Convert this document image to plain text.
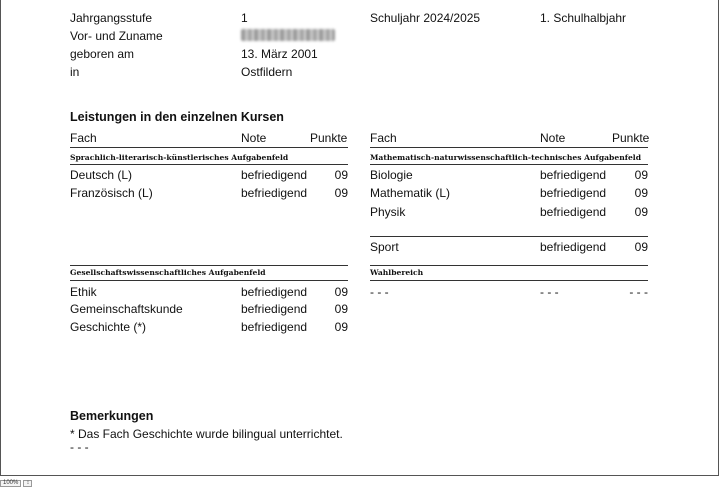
Jahrgangsstufe	1
Vor- und Zuname
geboren am	13. März 2001
in	Ostfildern
Schuljahr 2024/2025	1. Schulhalbjahr
Leistungen in den einzelnen Kursen
Fach	Note	Punkte Fach	Note	Punkte
Sprachlich-literarisch-künstlerisches Aufgabenfeld
Deutsch (L)	befriedigend	09
Französisch (L)	befriedigend	09
Gesellschaftswissenschaftliches Aufgabenfeld
Ethik	befriedigend	09
Gemeinschaftskunde	befriedigend	09
Geschichte (*)	befriedigend	09
Mathematisch-naturwissenschaftlich-technisches Aufgabenfeld
Biologie	befriedigend	09
Mathematik (L)	befriedigend	09
Physik	befriedigend	09
Sport	befriedigend	09
Wahlbereich
- - -	- - -	- - -
Bemerkungen
* Das Fach Geschichte wurde bilingual unterrichtet.
- - -
100% ↕
